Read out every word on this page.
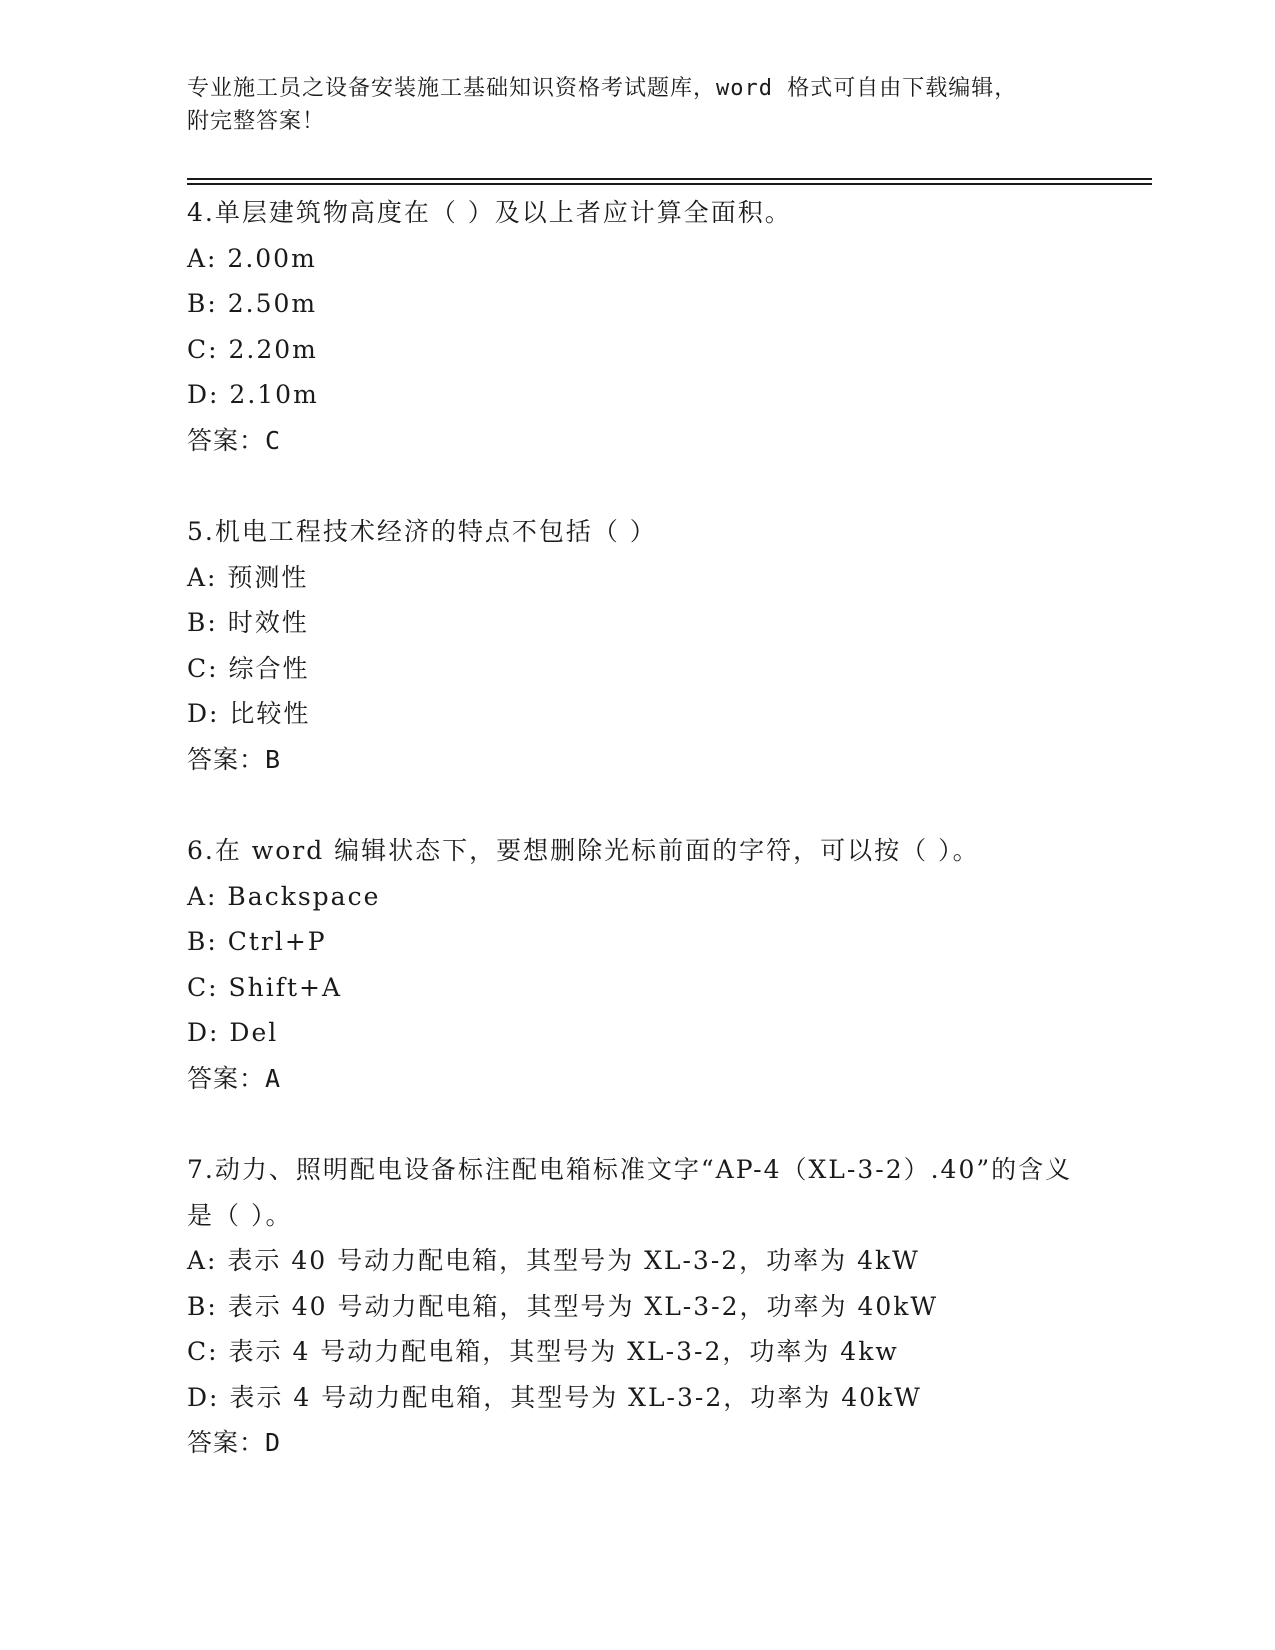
专业施工员之设备安装施工基础知识资格考试题库，word 格式可自由下载编辑，
附完整答案！
4.单层建筑物高度在（ ）及以上者应计算全面积。
A: 2.00m
B: 2.50m
C: 2.20m
D: 2.10m
答案：C
5.机电工程技术经济的特点不包括（ ）
A: 预测性
B: 时效性
C: 综合性
D: 比较性
答案：B
6.在 word 编辑状态下，要想删除光标前面的字符，可以按（ ）。
A: Backspace
B: Ctrl+P
C: Shift+A
D: Del
答案：A
7.动力、照明配电设备标注配电箱标准文字“AP-4（XL-3-2）.40”的含义是（ ）。
A: 表示 40 号动力配电箱，其型号为 XL-3-2，功率为 4kW
B: 表示 40 号动力配电箱，其型号为 XL-3-2，功率为 40kW
C: 表示 4 号动力配电箱，其型号为 XL-3-2，功率为 4kw
D: 表示 4 号动力配电箱，其型号为 XL-3-2，功率为 40kW
答案：D
